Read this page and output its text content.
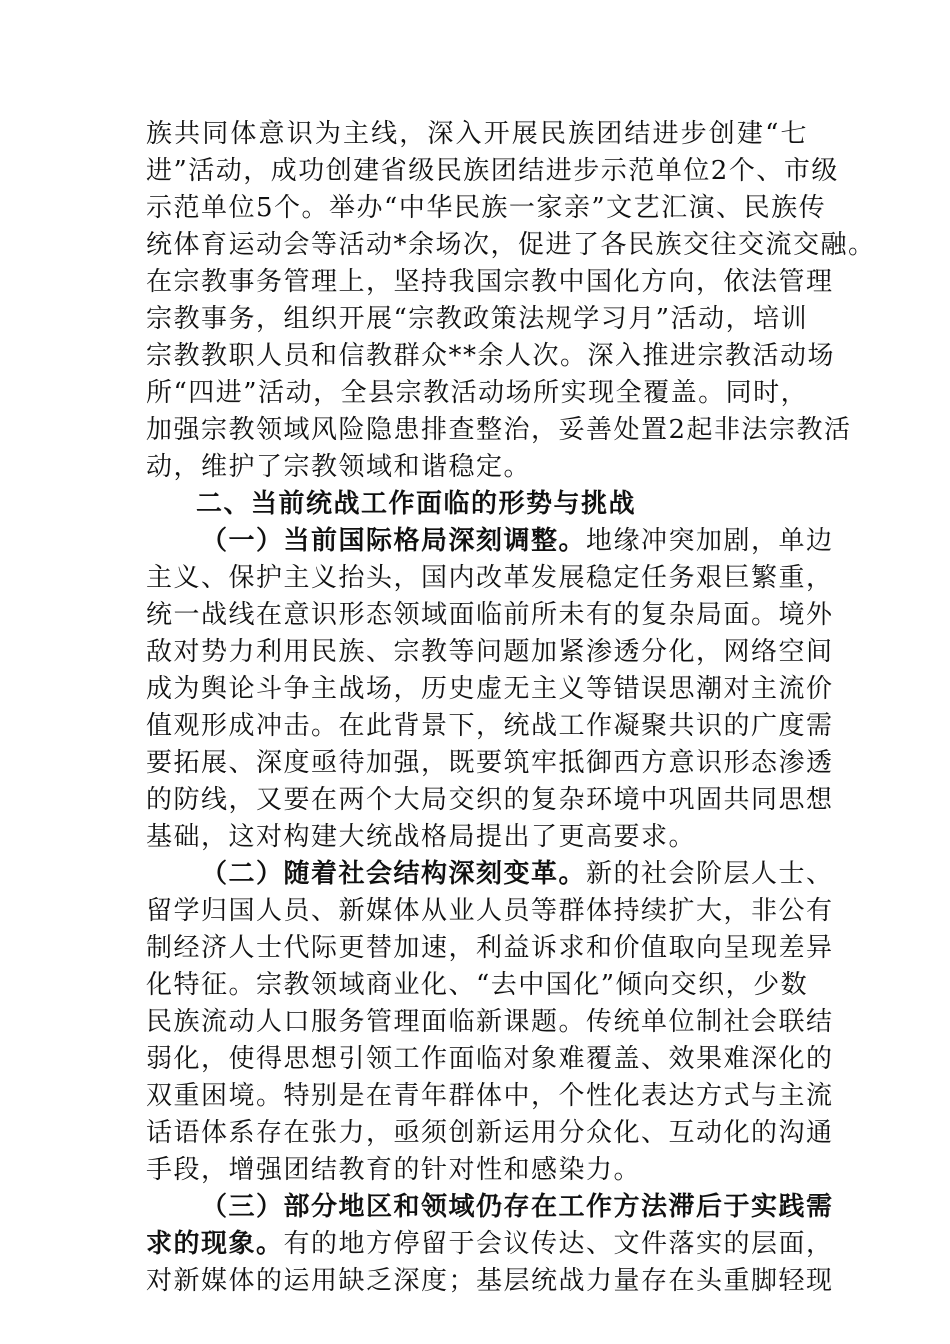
族共同体意识为主线，深入开展民族团结进步创建“七
进”活动，成功创建省级民族团结进步示范单位2个、市级
示范单位5个。举办“中华民族一家亲”文艺汇演、民族传
统体育运动会等活动*余场次，促进了各民族交往交流交融。
在宗教事务管理上，坚持我国宗教中国化方向，依法管理
宗教事务，组织开展“宗教政策法规学习月”活动，培训
宗教教职人员和信教群众**余人次。深入推进宗教活动场
所“四进”活动，全县宗教活动场所实现全覆盖。同时，
加强宗教领域风险隐患排查整治，妥善处置2起非法宗教活
动，维护了宗教领域和谐稳定。
二、当前统战工作面临的形势与挑战
（一）当前国际格局深刻调整。地缘冲突加剧，单边
主义、保护主义抬头，国内改革发展稳定任务艰巨繁重，
统一战线在意识形态领域面临前所未有的复杂局面。境外
敌对势力利用民族、宗教等问题加紧渗透分化，网络空间
成为舆论斗争主战场，历史虚无主义等错误思潮对主流价
值观形成冲击。在此背景下，统战工作凝聚共识的广度需
要拓展、深度亟待加强，既要筑牢抵御西方意识形态渗透
的防线，又要在两个大局交织的复杂环境中巩固共同思想
基础，这对构建大统战格局提出了更高要求。
（二）随着社会结构深刻变革。新的社会阶层人士、
留学归国人员、新媒体从业人员等群体持续扩大，非公有
制经济人士代际更替加速，利益诉求和价值取向呈现差异
化特征。宗教领域商业化、“去中国化”倾向交织，少数
民族流动人口服务管理面临新课题。传统单位制社会联结
弱化，使得思想引领工作面临对象难覆盖、效果难深化的
双重困境。特别是在青年群体中，个性化表达方式与主流
话语体系存在张力，亟须创新运用分众化、互动化的沟通
手段，增强团结教育的针对性和感染力。
（三）部分地区和领域仍存在工作方法滞后于实践需
求的现象。有的地方停留于会议传达、文件落实的层面，
对新媒体的运用缺乏深度；基层统战力量存在头重脚轻现
